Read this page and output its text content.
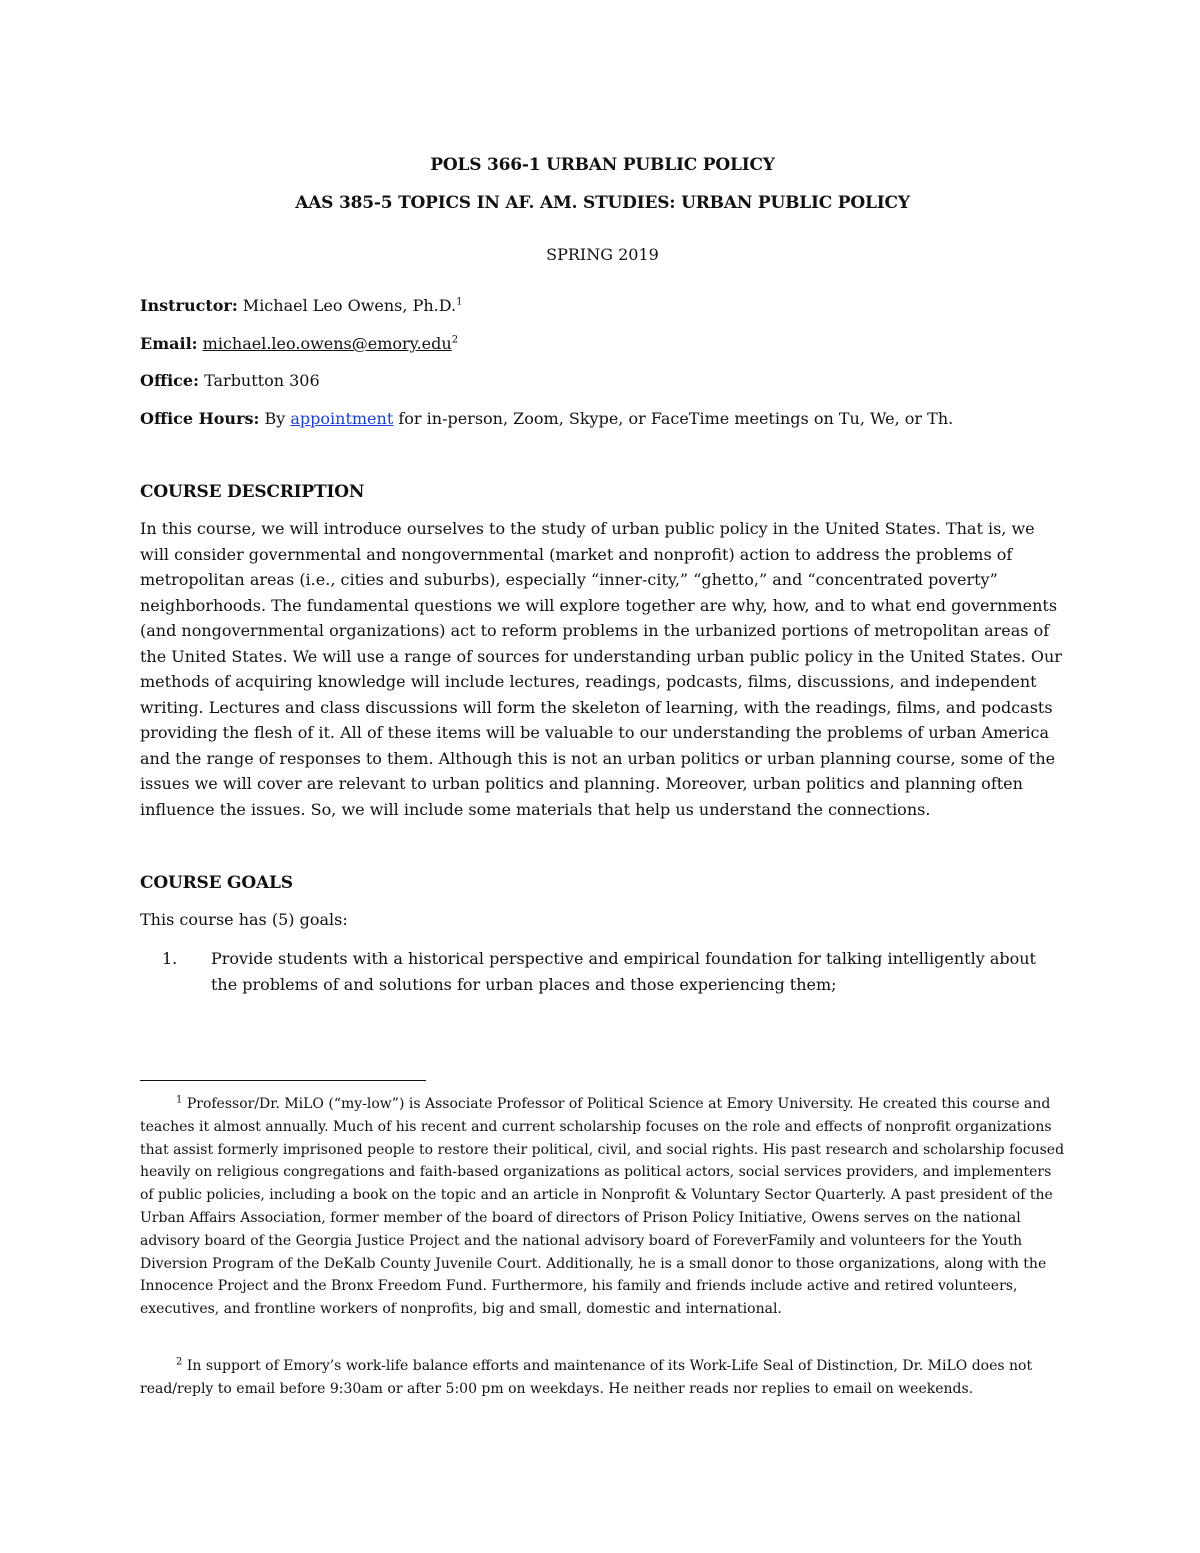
POLS 366-1 URBAN PUBLIC POLICY
AAS 385-5 TOPICS IN AF. AM. STUDIES: URBAN PUBLIC POLICY
SPRING 2019
Instructor: Michael Leo Owens, Ph.D.$^1$
Email: michael.leo.owens@emory.edu$^2$
Office: Tarbutton 306
Office Hours: By appointment for in-person, Zoom, Skype, or FaceTime meetings on Tu, We, or Th.
COURSE DESCRIPTION
In this course, we will introduce ourselves to the study of urban public policy in the United States. That is, we will consider governmental and nongovernmental (market and nonprofit) action to address the problems of metropolitan areas (i.e., cities and suburbs), especially “inner-city,” “ghetto,” and “concentrated poverty” neighborhoods. The fundamental questions we will explore together are why, how, and to what end governments (and nongovernmental organizations) act to reform problems in the urbanized portions of metropolitan areas of the United States. We will use a range of sources for understanding urban public policy in the United States. Our methods of acquiring knowledge will include lectures, readings, podcasts, films, discussions, and independent writing. Lectures and class discussions will form the skeleton of learning, with the readings, films, and podcasts providing the flesh of it. All of these items will be valuable to our understanding the problems of urban America and the range of responses to them. Although this is not an urban politics or urban planning course, some of the issues we will cover are relevant to urban politics and planning. Moreover, urban politics and planning often influence the issues. So, we will include some materials that help us understand the connections.
COURSE GOALS
This course has (5) goals:
1. Provide students with a historical perspective and empirical foundation for talking intelligently about the problems of and solutions for urban places and those experiencing them;
$^1$ Professor/Dr. MiLO (“my-low”) is Associate Professor of Political Science at Emory University. He created this course and teaches it almost annually. Much of his recent and current scholarship focuses on the role and effects of nonprofit organizations that assist formerly imprisoned people to restore their political, civil, and social rights. His past research and scholarship focused heavily on religious congregations and faith-based organizations as political actors, social services providers, and implementers of public policies, including a book on the topic and an article in Nonprofit & Voluntary Sector Quarterly. A past president of the Urban Affairs Association, former member of the board of directors of Prison Policy Initiative, Owens serves on the national advisory board of the Georgia Justice Project and the national advisory board of ForeverFamily and volunteers for the Youth Diversion Program of the DeKalb County Juvenile Court. Additionally, he is a small donor to those organizations, along with the Innocence Project and the Bronx Freedom Fund. Furthermore, his family and friends include active and retired volunteers, executives, and frontline workers of nonprofits, big and small, domestic and international.
$^2$ In support of Emory’s work-life balance efforts and maintenance of its Work-Life Seal of Distinction, Dr. MiLO does not read/reply to email before 9:30am or after 5:00 pm on weekdays. He neither reads nor replies to email on weekends.
